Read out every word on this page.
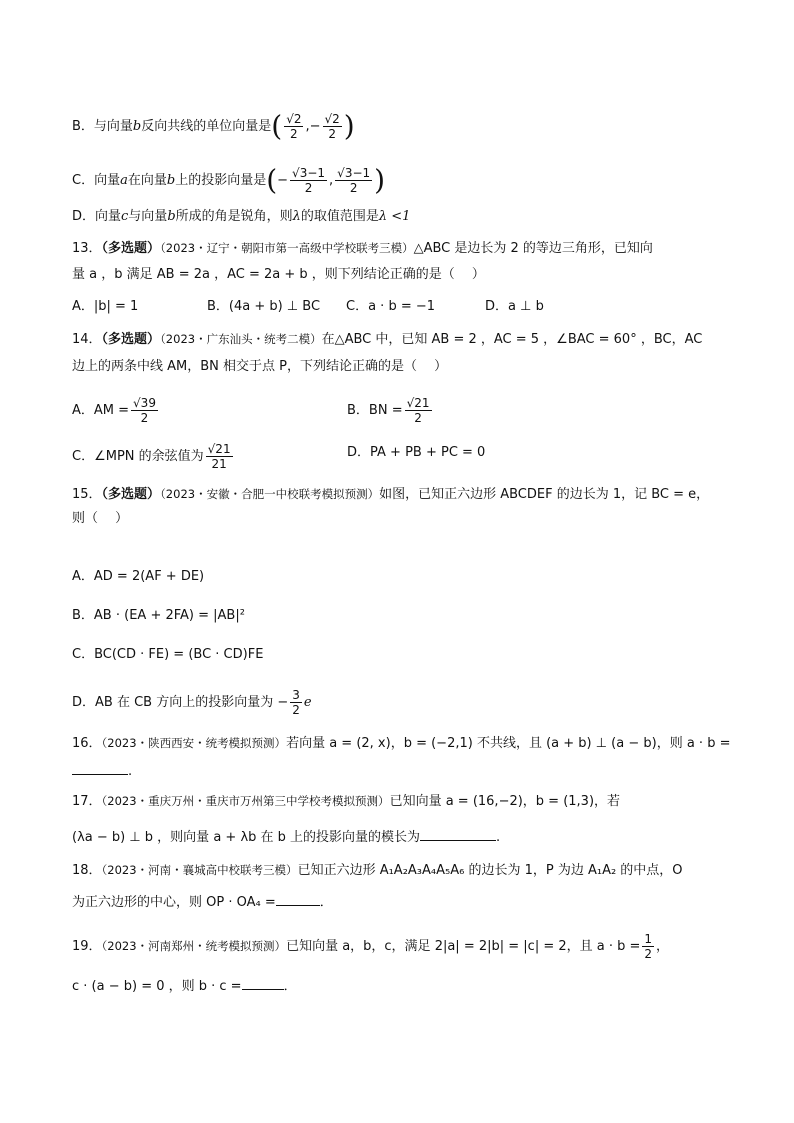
B．与向量b反向共线的单位向量是( $\frac{√2}{2}$ ,− $\frac{√2}{2}$ )
C．向量a在向量b上的投影向量是(− $\frac{√3-1}{2}$ , $\frac{√3-1}{2}$ )
D．向量c与向量b所成的角是锐角，则λ的取值范围是λ <1
13．（多选题）（2023・辽宁・朝阳市第一高级中学校联考三模）△ABC 是边长为 2 的等边三角形，已知向
量 a ，b 满足 AB = 2a ，AC = 2a + b ，则下列结论正确的是（　 ）
A．|b| = 1	B．(4a + b) ⊥ BC C．a · b = −1	D．a ⊥ b
14．（多选题）（2023・广东汕头・统考二模）在△ABC 中，已知 AB = 2 ，AC = 5 ，∠BAC = 60° ，BC，AC
边上的两条中线 AM，BN 相交于点 P，下列结论正确的是（　 ）
A．AM = $\frac{√39}{2}$	B．BN = $\frac{√21}{2}$
C．∠MPN 的余弦值为 $\frac{√21}{21}$	D．PA + PB + PC = 0
15．（多选题）（2023・安徽・合肥一中校联考模拟预测）如图，已知正六边形 ABCDEF 的边长为 1，记 BC = e，
则（　 ）
A．AD = 2(AF + DE)
B．AB · (EA + 2FA) = |AB|²
C．BC(CD · FE) = (BC · CD)FE
D．AB 在 CB 方向上的投影向量为 − $\frac{3}{2}$ e
16．（2023・陕西西安・统考模拟预测）若向量 a = (2, x)，b = (−2,1) 不共线，且 (a + b) ⊥ (a − b)，则 a · b =
.
17．（2023・重庆万州・重庆市万州第三中学校考模拟预测）已知向量 a = (16,−2)，b = (1,3)，若
(λa − b) ⊥ b ，则向量 a + λb 在 b 上的投影向量的模长为	.
18．（2023・河南・襄城高中校联考三模）已知正六边形 A₁A₂A₃A₄A₅A₆ 的边长为 1，P 为边 A₁A₂ 的中点，O
为正六边形的中心，则 OP · OA₄ =	．
19．（2023・河南郑州・统考模拟预测）已知向量 a，b，c，满足 2|a| = 2|b| = |c| = 2，且 $a \cdot b = \frac{1}{2}$ ，
c · (a − b) = 0 ，则 b · c =	．
